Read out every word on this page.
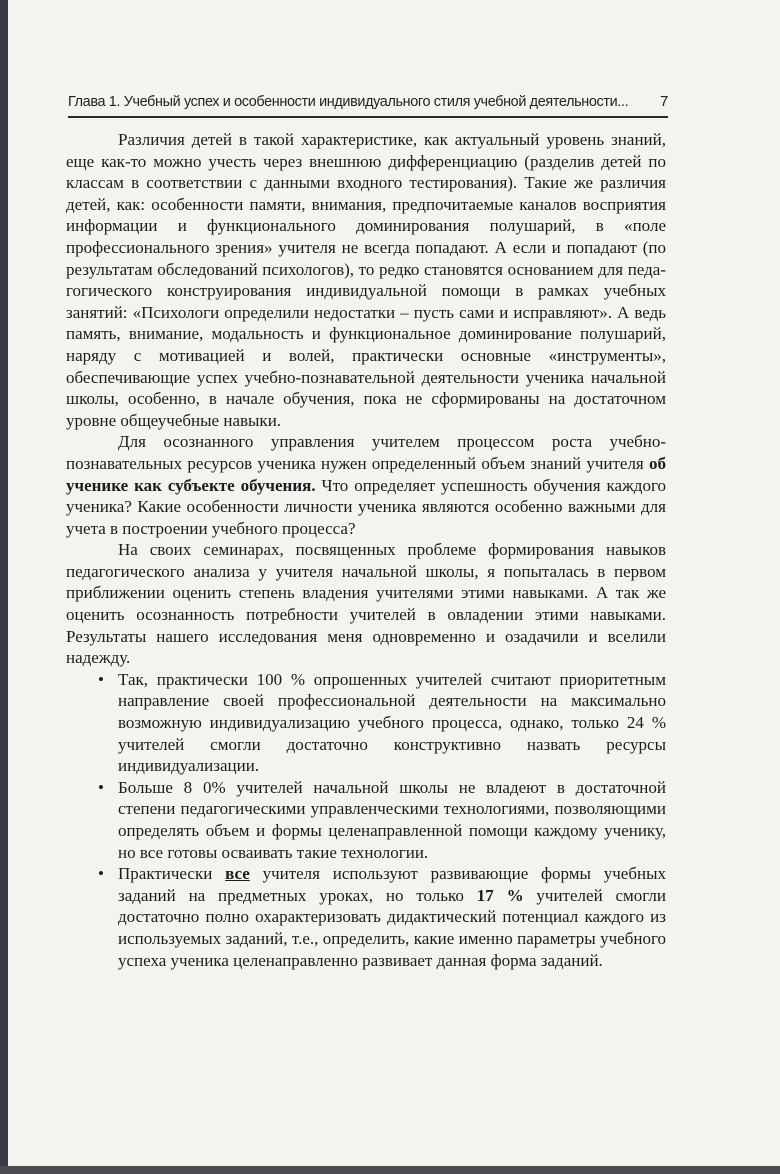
Глава 1. Учебный успех и особенности индивидуального стиля учебной деятельности... 7

Различия детей в такой характеристике, как актуальный уровень знаний, еще как-то можно учесть через внешнюю дифференциацию (разделив детей по классам в соответствии с данными входного тестирования). Такие же различия детей, как: особенности памяти, внимания, предпочитаемые каналов восприятия информации и функционального доминирования полушарий, в «поле профессионального зрения» учителя не всегда попадают. А если и попадают (по результатам обследований психологов), то редко становятся основанием для педагогического конструирования индивидуальной помощи в рамках учебных занятий: «Психологи определили недостатки – пусть сами и исправляют». А ведь память, внимание, модальность и функциональное доминирование полушарий, наряду с мотивацией и волей, практически основные «инструменты», обеспечивающие успех учебно-познавательной деятельности ученика начальной школы, особенно, в начале обучения, пока не сформированы на достаточном уровне общеучебные навыки.

Для осознанного управления учителем процессом роста учебно-познавательных ресурсов ученика нужен определенный объем знаний учителя об ученике как субъекте обучения. Что определяет успешность обучения каждого ученика? Какие особенности личности ученика являются особенно важными для учета в построении учебного процесса?

На своих семинарах, посвященных проблеме формирования навыков педагогического анализа у учителя начальной школы, я попыталась в первом приближении оценить степень владения учителями этими навыками. А так же оценить осознанность потребности учителей в овладении этими навыками. Результаты нашего исследования меня одновременно и озадачили и вселили надежду.

• Так, практически 100 % опрошенных учителей считают приоритетным направление своей профессиональной деятельности на максимально возможную индивидуализацию учебного процесса, однако, только 24 % учителей смогли достаточно конструктивно назвать ресурсы индивидуализации.
• Больше 8 0% учителей начальной школы не владеют в достаточной степени педагогическими управленческими технологиями, позволяющими определять объем и формы целенаправленной помощи каждому ученику, но все готовы осваивать такие технологии.
• Практически все учителя используют развивающие формы учебных заданий на предметных уроках, но только 17 % учителей смогли достаточно полно охарактеризовать дидактический потенциал каждого из используемых заданий, т.е., определить, какие именно параметры учебного успеха ученика целенаправленно развивает данная форма заданий.
